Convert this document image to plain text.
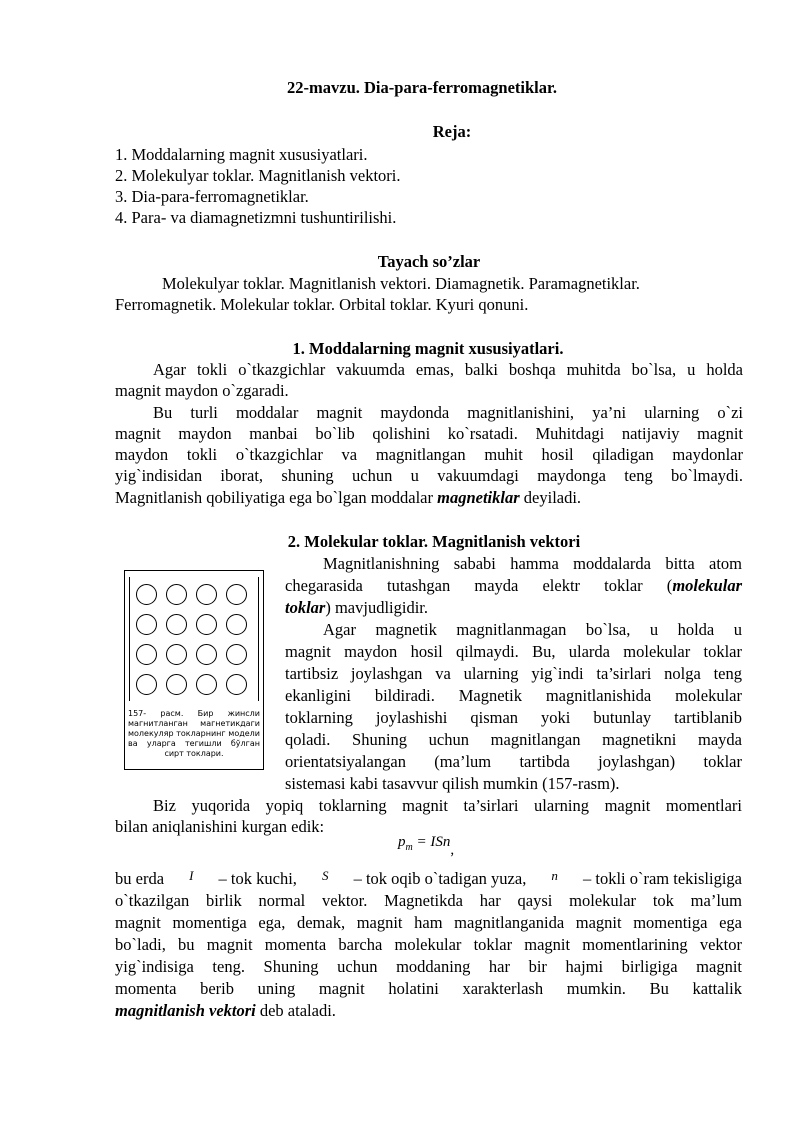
22-mavzu. Dia-para-ferromagnetiklar.
Reja:
1. Moddalarning magnit xususiyatlari.
2. Molekulyar toklar. Magnitlanish vektori.
3. Dia-para-ferromagnetiklar.
4. Para- va diamagnetizmni tushuntirilishi.
Tayach so’zlar
Molekulyar toklar. Magnitlanish vektori. Diamagnetik. Paramagnetiklar.
Ferromagnetik. Molekular toklar. Orbital toklar. Kyuri qonuni.
1. Moddalarning magnit xususiyatlari.
Agar tokli o`tkazgichlar vakuumda emas, balki boshqa muhitda bo`lsa, u holda
magnit maydon o`zgaradi.
Bu turli moddalar magnit maydonda magnitlanishini, ya’ni ularning o`zi
magnit maydon manbai bo`lib qolishini ko`rsatadi. Muhitdagi natijaviy magnit
maydon tokli o`tkazgichlar va magnitlangan muhit hosil qiladigan maydonlar
yig`indisidan iborat, shuning uchun u vakuumdagi maydonga teng bo`lmaydi.
Magnitlanish qobiliyatiga ega bo`lgan moddalar magnetiklar deyiladi.
2. Molekular toklar. Magnitlanish vektori
Magnitlanishning sababi hamma moddalarda bitta atom
chegarasida tutashgan mayda elektr toklar (molekular
toklar) mavjudligidir.
Agar magnetik magnitlanmagan bo`lsa, u holda u
magnit maydon hosil qilmaydi. Bu, ularda molekular toklar
tartibsiz joylashgan va ularning yig`indi ta’sirlari nolga teng
ekanligini bildiradi. Magnetik magnitlanishida molekular
toklarning joylashishi qisman yoki butunlay tartiblanib
qoladi. Shuning uchun magnitlangan magnetikni mayda
orientatsiyalangan (ma’lum tartibda joylashgan) toklar
sistemasi kabi tasavvur qilish mumkin (157-rasm).
157- расм. Бир жинсли магнитланган магнетикдаги молекуляр токларнинг модели ва уларга тегишли бўлган сирт токлари.
Biz yuqorida yopiq toklarning magnit ta’sirlari ularning magnit momentlari
bilan aniqlanishini kurgan edik:
$p_m$ = ISn,
bu erda I – tok kuchi, S – tok oqib o`tadigan yuza, n – tokli o`ram tekisligiga
o`tkazilgan birlik normal vektor. Magnetikda har qaysi molekular tok ma’lum
magnit momentiga ega, demak, magnit ham magnitlanganida magnit momentiga ega
bo`ladi, bu magnit momenta barcha molekular toklar magnit momentlarining vektor
yig`indisiga teng. Shuning uchun moddaning har bir hajmi birligiga magnit
momenta berib uning magnit holatini xarakterlash mumkin. Bu kattalik
magnitlanish vektori deb ataladi.
